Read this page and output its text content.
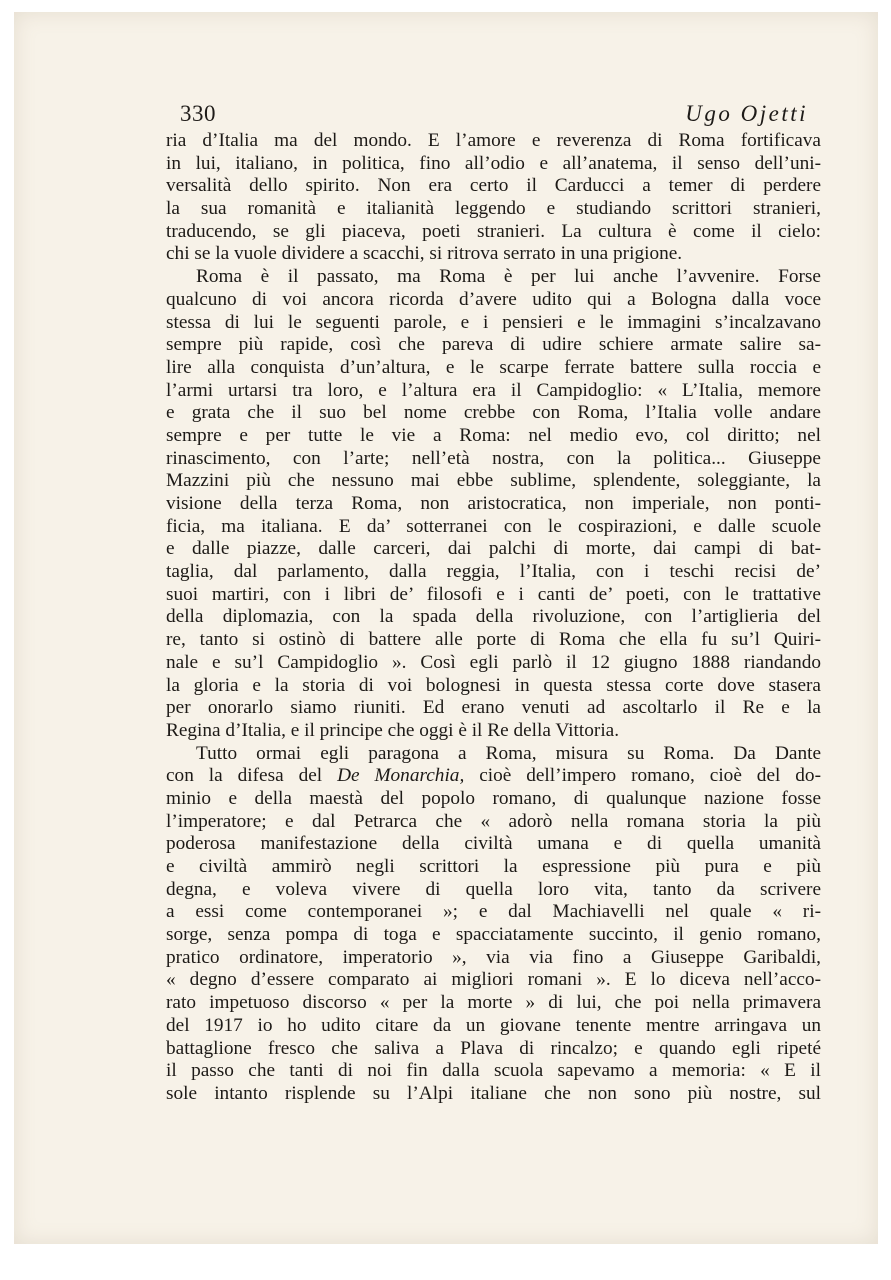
330	Ugo Ojetti
ria d’Italia ma del mondo. E l’amore e reverenza di Roma fortificava
in lui, italiano, in politica, fino all’odio e all’anatema, il senso dell’uni-
versalità dello spirito. Non era certo il Carducci a temer di perdere
la sua romanità e italianità leggendo e studiando scrittori stranieri,
traducendo, se gli piaceva, poeti stranieri. La cultura è come il cielo:
chi se la vuole dividere a scacchi, si ritrova serrato in una prigione.
Roma è il passato, ma Roma è per lui anche l’avvenire. Forse
qualcuno di voi ancora ricorda d’avere udito qui a Bologna dalla voce
stessa di lui le seguenti parole, e i pensieri e le immagini s’incalzavano
sempre più rapide, così che pareva di udire schiere armate salire sa-
lire alla conquista d’un’altura, e le scarpe ferrate battere sulla roccia e
l’armi urtarsi tra loro, e l’altura era il Campidoglio: « L’Italia, memore
e grata che il suo bel nome crebbe con Roma, l’Italia volle andare
sempre e per tutte le vie a Roma: nel medio evo, col diritto; nel
rinascimento, con l’arte; nell’età nostra, con la politica... Giuseppe
Mazzini più che nessuno mai ebbe sublime, splendente, soleggiante, la
visione della terza Roma, non aristocratica, non imperiale, non ponti-
ficia, ma italiana. E da’ sotterranei con le cospirazioni, e dalle scuole
e dalle piazze, dalle carceri, dai palchi di morte, dai campi di bat-
taglia, dal parlamento, dalla reggia, l’Italia, con i teschi recisi de’
suoi martiri, con i libri de’ filosofi e i canti de’ poeti, con le trattative
della diplomazia, con la spada della rivoluzione, con l’artiglieria del
re, tanto si ostinò di battere alle porte di Roma che ella fu su’l Quiri-
nale e su’l Campidoglio ». Così egli parlò il 12 giugno 1888 riandando
la gloria e la storia di voi bolognesi in questa stessa corte dove stasera
per onorarlo siamo riuniti. Ed erano venuti ad ascoltarlo il Re e la
Regina d’Italia, e il principe che oggi è il Re della Vittoria.
Tutto ormai egli paragona a Roma, misura su Roma. Da Dante
con la difesa del De Monarchia, cioè dell’impero romano, cioè del do-
minio e della maestà del popolo romano, di qualunque nazione fosse
l’imperatore; e dal Petrarca che « adorò nella romana storia la più
poderosa manifestazione della civiltà umana e di quella umanità
e civiltà ammirò negli scrittori la espressione più pura e più
degna, e voleva vivere di quella loro vita, tanto da scrivere
a essi come contemporanei »; e dal Machiavelli nel quale « ri-
sorge, senza pompa di toga e spacciatamente succinto, il genio romano,
pratico ordinatore, imperatorio », via via fino a Giuseppe Garibaldi,
« degno d’essere comparato ai migliori romani ». E lo diceva nell’acco-
rato impetuoso discorso « per la morte » di lui, che poi nella primavera
del 1917 io ho udito citare da un giovane tenente mentre arringava un
battaglione fresco che saliva a Plava di rincalzo; e quando egli ripeté
il passo che tanti di noi fin dalla scuola sapevamo a memoria: « E il
sole intanto risplende su l’Alpi italiane che non sono più nostre, sul
